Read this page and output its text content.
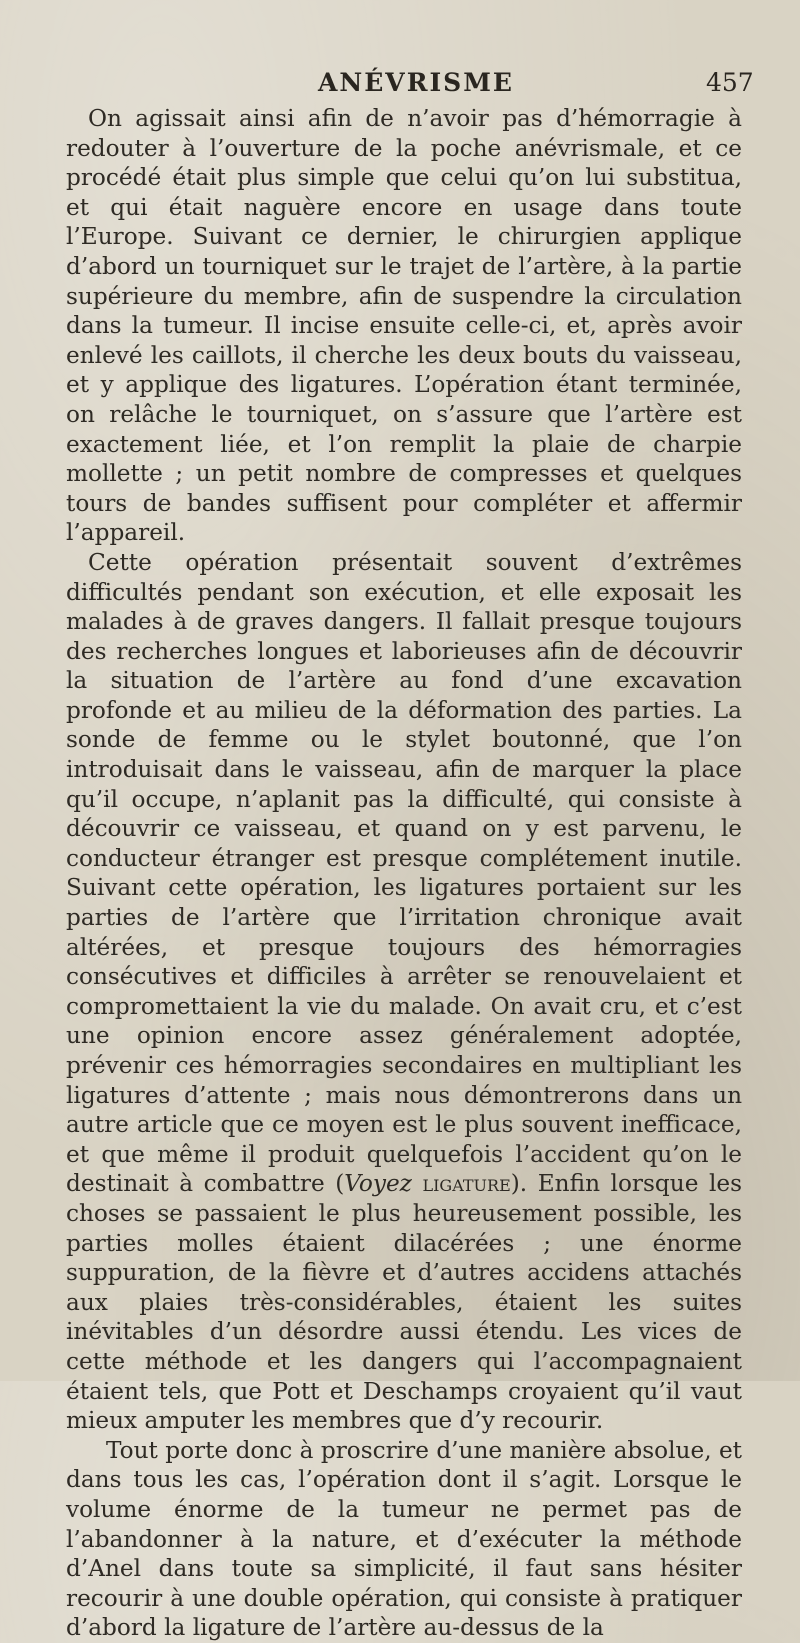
ANÉVRISME	457

On agissait ainsi afin de n’avoir pas d’hémorragie à redouter à l’ouverture de la poche anévrismale, et ce procédé était plus simple que celui qu’on lui substitua, et qui était naguère encore en usage dans toute l’Europe. Suivant ce dernier, le chirurgien applique d’abord un tourniquet sur le trajet de l’artère, à la partie supérieure du membre, afin de suspendre la circulation dans la tumeur. Il incise ensuite celle-ci, et, après avoir enlevé les caillots, il cherche les deux bouts du vaisseau, et y applique des ligatures. L’opération étant terminée, on relâche le tourniquet, on s’assure que l’artère est exactement liée, et l’on remplit la plaie de charpie mollette ; un petit nombre de compresses et quelques tours de bandes suffisent pour compléter et affermir l’appareil.

Cette opération présentait souvent d’extrêmes difficultés pendant son exécution, et elle exposait les malades à de graves dangers. Il fallait presque toujours des recherches longues et laborieuses afin de découvrir la situation de l’artère au fond d’une excavation profonde et au milieu de la déformation des parties. La sonde de femme ou le stylet boutonné, que l’on introduisait dans le vaisseau, afin de marquer la place qu’il occupe, n’aplanit pas la difficulté, qui consiste à découvrir ce vaisseau, et quand on y est parvenu, le conducteur étranger est presque complétement inutile. Suivant cette opération, les ligatures portaient sur les parties de l’artère que l’irritation chronique avait altérées, et presque toujours des hémorragies consécutives et difficiles à arrêter se renouvelaient et compromettaient la vie du malade. On avait cru, et c’est une opinion encore assez généralement adoptée, prévenir ces hémorragies secondaires en multipliant les ligatures d’attente ; mais nous démontrerons dans un autre article que ce moyen est le plus souvent inefficace, et que même il produit quelquefois l’accident qu’on le destinait à combattre (Voyez ligature). Enfin lorsque les choses se passaient le plus heureusement possible, les parties molles étaient dilacérées ; une énorme suppuration, de la fièvre et d’autres accidens attachés aux plaies très-considérables, étaient les suites inévitables d’un désordre aussi étendu. Les vices de cette méthode et les dangers qui l’accompagnaient étaient tels, que Pott et Deschamps croyaient qu’il vaut mieux amputer les membres que d’y recourir.

Tout porte donc à proscrire d’une manière absolue, et dans tous les cas, l’opération dont il s’agit. Lorsque le volume énorme de la tumeur ne permet pas de l’abandonner à la nature, et d’exécuter la méthode d’Anel dans toute sa simplicité, il faut sans hésiter recourir à une double opération, qui consiste à pratiquer d’abord la ligature de l’artère au-dessus de la
